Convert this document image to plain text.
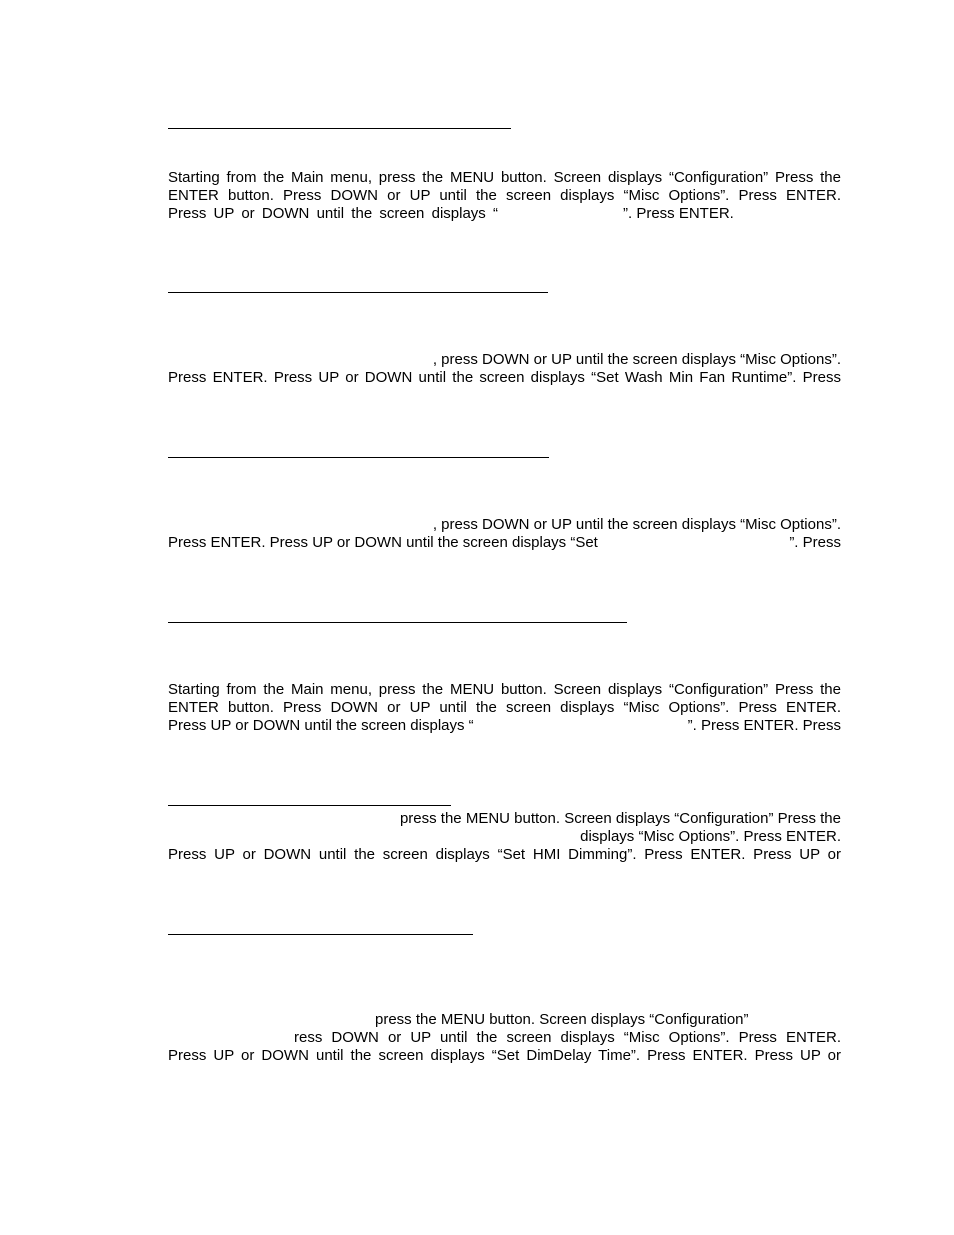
Starting from the Main menu, press the MENU button. Screen displays “Configuration” Press the
ENTER button. Press DOWN or UP until the screen displays “Misc Options”. Press ENTER.
Press UP or DOWN until the screen displays “	”. Press ENTER.
, press DOWN or UP until the screen displays “Misc Options”.
Press ENTER. Press UP or DOWN until the screen displays “Set Wash Min Fan Runtime”. Press
, press DOWN or UP until the screen displays “Misc Options”.
Press ENTER. Press UP or DOWN until the screen displays “Set	”. Press
Starting from the Main menu, press the MENU button. Screen displays “Configuration” Press the
ENTER button. Press DOWN or UP until the screen displays “Misc Options”. Press ENTER.
Press UP or DOWN until the screen displays “	”. Press ENTER. Press
press the MENU button. Screen displays “Configuration” Press the
displays “Misc Options”. Press ENTER.
Press UP or DOWN until the screen displays “Set HMI Dimming”. Press ENTER. Press UP or
press the MENU button. Screen displays “Configuration”
ress DOWN or UP until the screen displays “Misc Options”. Press ENTER.
Press UP or DOWN until the screen displays “Set DimDelay Time”. Press ENTER. Press UP or
